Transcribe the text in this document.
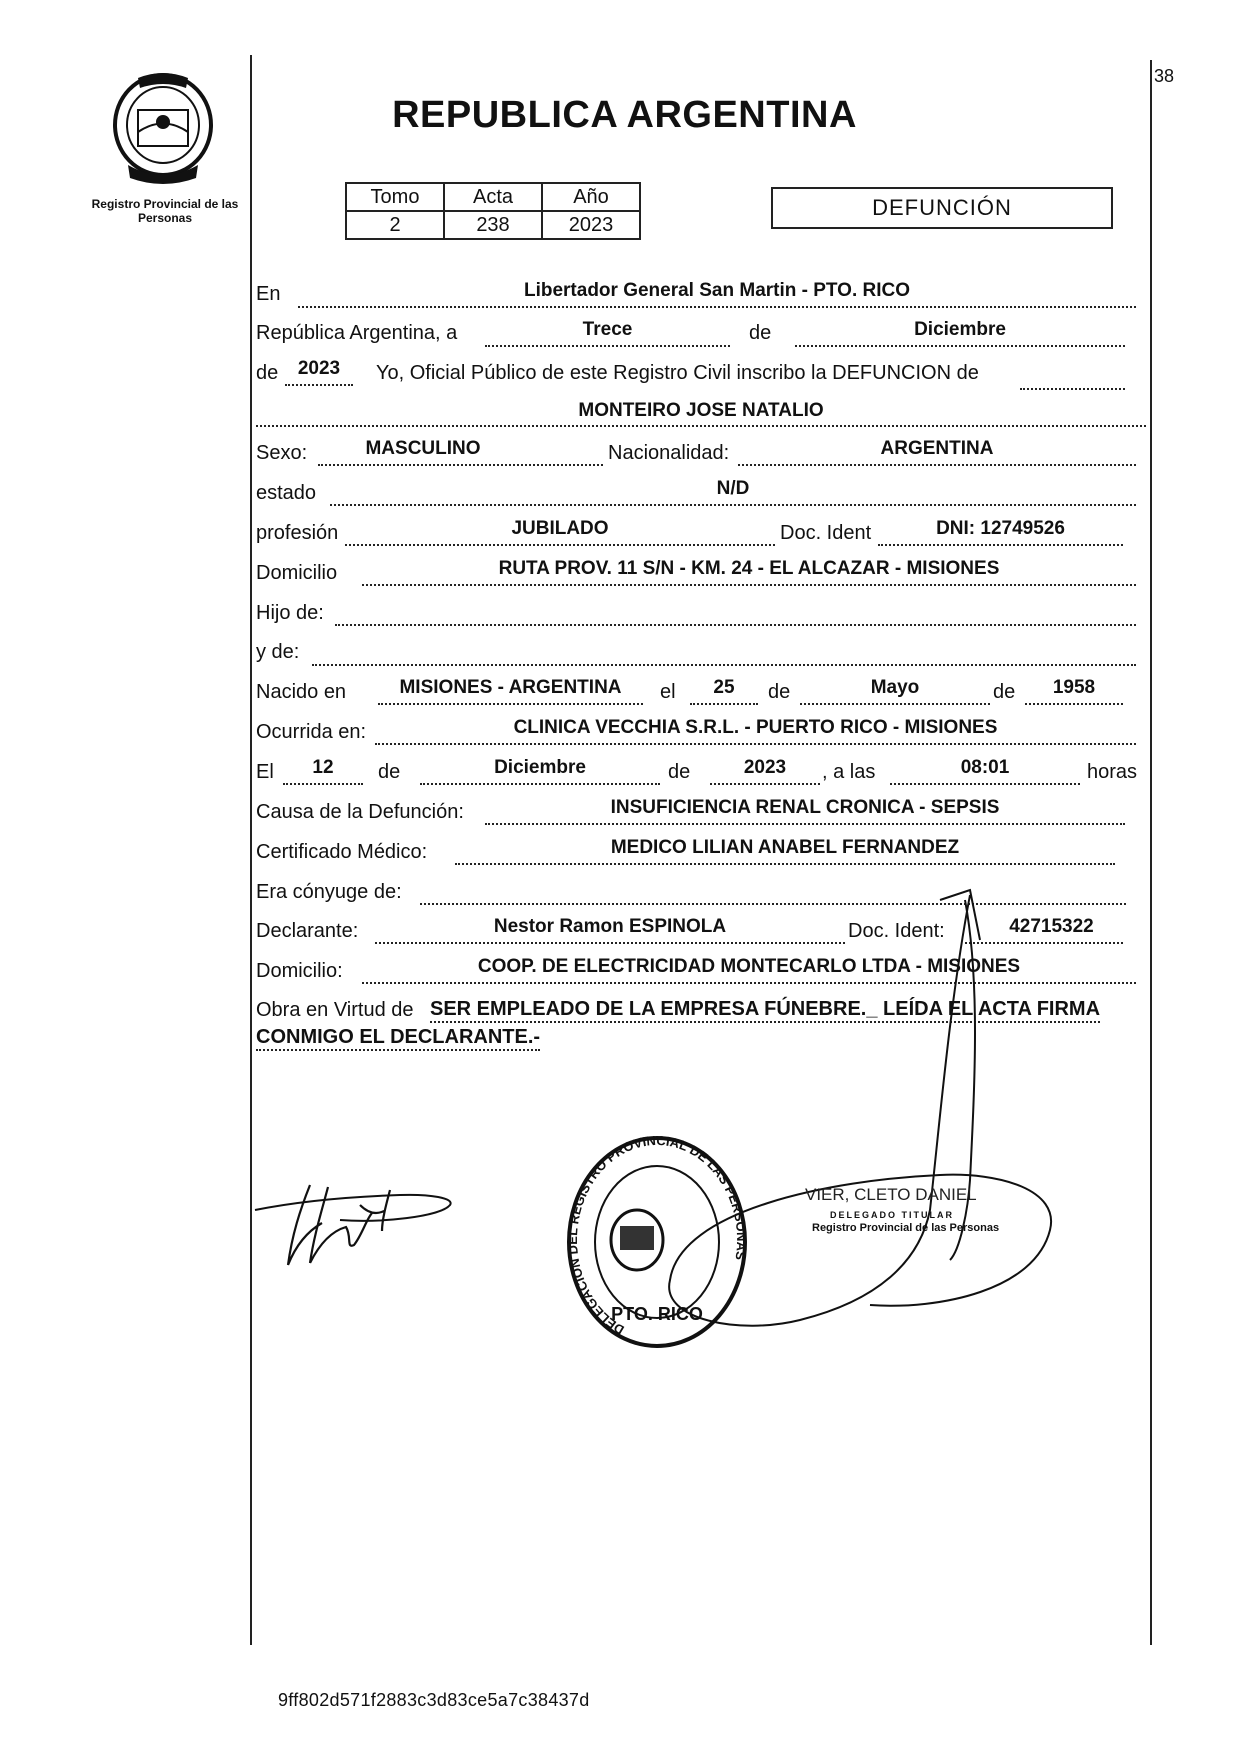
Registro Provincial de las Personas
38
REPUBLICA ARGENTINA
Tomo	Acta	Año
2	238	2023
DEFUNCIÓN
En	Libertador General San Martin - PTO. RICO
República Argentina, a	Trece	de	Diciembre
de	2023	Yo, Oficial Público de este Registro Civil inscribo la DEFUNCION de
MONTEIRO JOSE NATALIO
Sexo:	MASCULINO	Nacionalidad:	ARGENTINA
estado	N/D
profesión	JUBILADO	Doc. Ident	DNI: 12749526
Domicilio	RUTA PROV. 11 S/N - KM. 24 - EL ALCAZAR - MISIONES
Hijo de:
y de:
Nacido en	MISIONES - ARGENTINA	el	25	de	Mayo	de	1958
Ocurrida en:	CLINICA VECCHIA S.R.L. - PUERTO RICO - MISIONES
El	12	de	Diciembre	de	2023	, a las	08:01	horas
Causa de la Defunción:	INSUFICIENCIA RENAL CRONICA - SEPSIS
Certificado Médico:	MEDICO LILIAN ANABEL FERNANDEZ
Era cónyuge de:
Declarante:	Nestor Ramon ESPINOLA	Doc. Ident:	42715322
Domicilio:	COOP. DE ELECTRICIDAD MONTECARLO LTDA - MISIONES
Obra en Virtud de SER EMPLEADO DE LA EMPRESA FÚNEBRE._ LEÍDA EL ACTA FIRMA
CONMIGO EL DECLARANTE.-
DELEGACION DEL REGISTRO PROVINCIAL DE LAS PERSONAS
PTO. RICO
VIER, CLETO DANIEL
DELEGADO TITULAR
Registro Provincial de las Personas
9ff802d571f2883c3d83ce5a7c38437d
